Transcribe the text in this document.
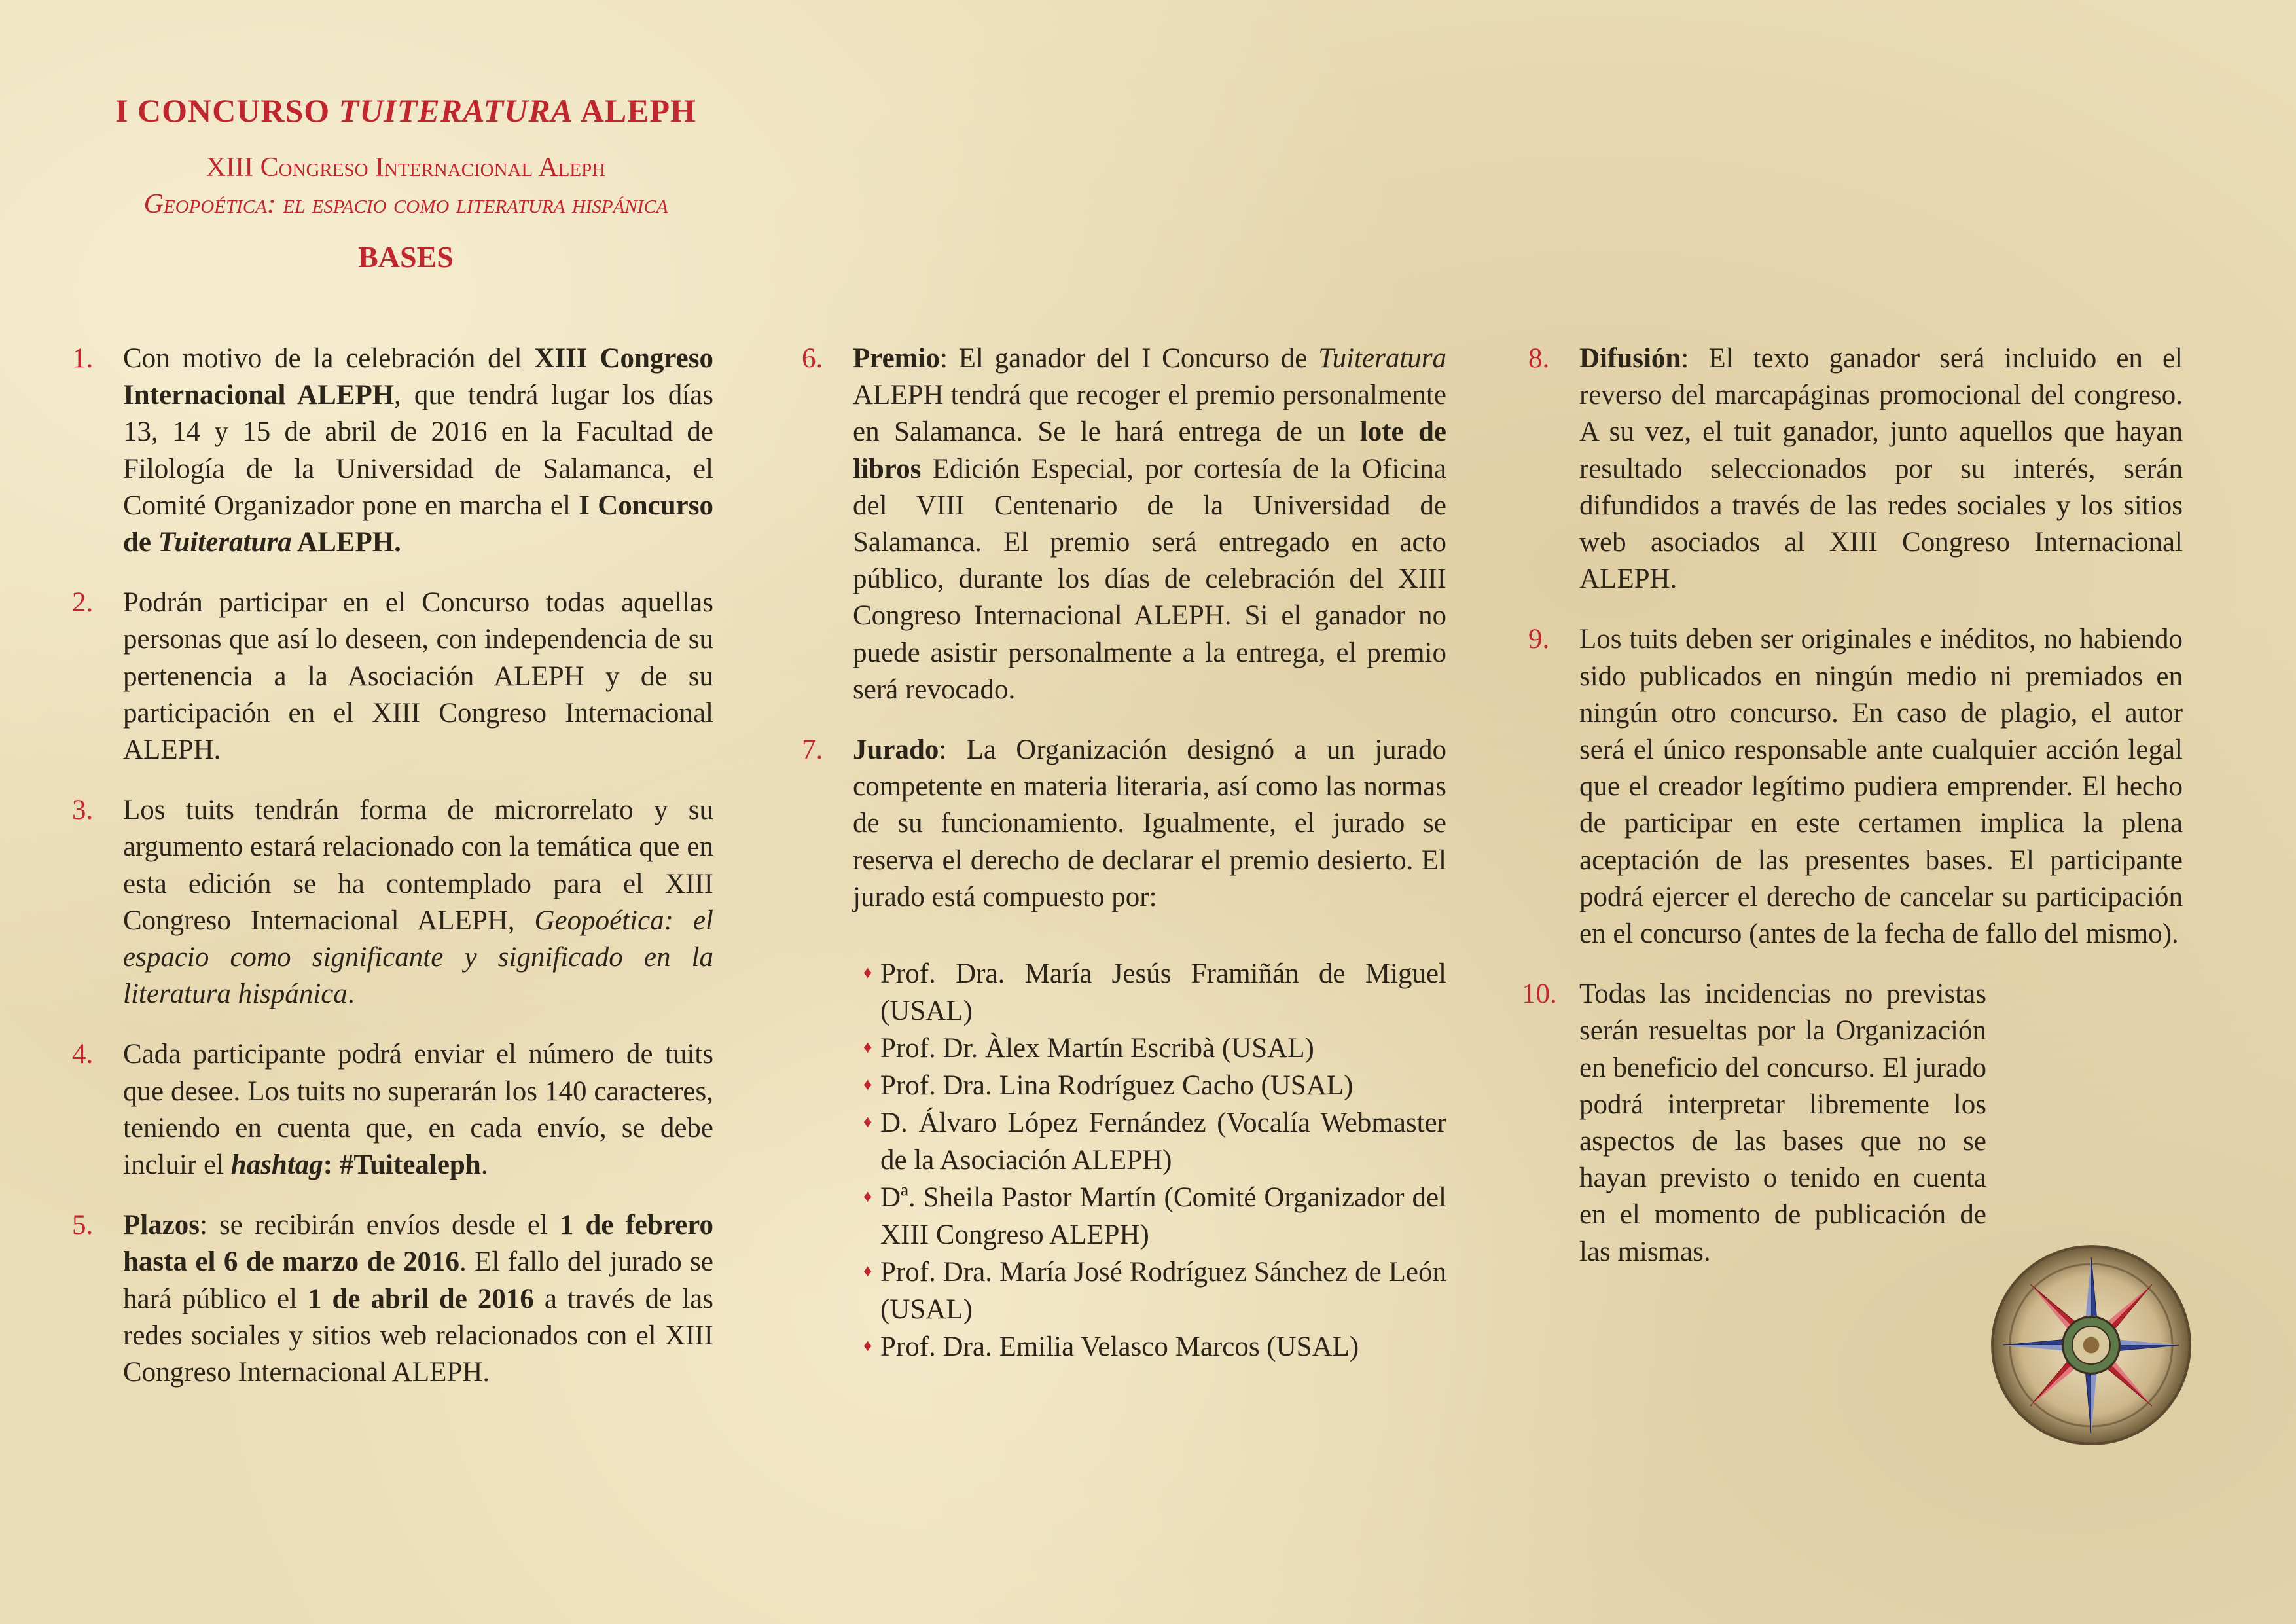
I CONCURSO TUITERATURA ALEPH
XIII Congreso Internacional Aleph
Geopoética: el espacio como literatura hispánica
BASES
1. Con motivo de la celebración del XIII Congreso Internacional ALEPH, que tendrá lugar los días 13, 14 y 15 de abril de 2016 en la Facultad de Filología de la Universidad de Salamanca, el Comité Organizador pone en marcha el I Concurso de Tuiteratura ALEPH.
2. Podrán participar en el Concurso todas aquellas personas que así lo deseen, con independencia de su pertenencia a la Asociación ALEPH y de su participación en el XIII Congreso Internacional ALEPH.
3. Los tuits tendrán forma de microrrelato y su argumento estará relacionado con la temática que en esta edición se ha contemplado para el XIII Congreso Internacional ALEPH, Geopoética: el espacio como significante y significado en la literatura hispánica.
4. Cada participante podrá enviar el número de tuits que desee. Los tuits no superarán los 140 caracteres, teniendo en cuenta que, en cada envío, se debe incluir el hashtag: #Tuitealeph.
5. Plazos: se recibirán envíos desde el 1 de febrero hasta el 6 de marzo de 2016. El fallo del jurado se hará público el 1 de abril de 2016 a través de las redes sociales y sitios web relacionados con el XIII Congreso Internacional ALEPH.
6. Premio: El ganador del I Concurso de Tuiteratura ALEPH tendrá que recoger el premio personalmente en Salamanca. Se le hará entrega de un lote de libros Edición Especial, por cortesía de la Oficina del VIII Centenario de la Universidad de Salamanca. El premio será entregado en acto público, durante los días de celebración del XIII Congreso Internacional ALEPH. Si el ganador no puede asistir personalmente a la entrega, el premio será revocado.
7. Jurado: La Organización designó a un jurado competente en materia literaria, así como las normas de su funcionamiento. Igualmente, el jurado se reserva el derecho de declarar el premio desierto. El jurado está compuesto por:
♦ Prof. Dra. María Jesús Framiñán de Miguel (USAL)
♦ Prof. Dr. Àlex Martín Escribà (USAL)
♦ Prof. Dra. Lina Rodríguez Cacho (USAL)
♦ D. Álvaro López Fernández (Vocalía Webmaster de la Asociación ALEPH)
♦ Dª. Sheila Pastor Martín (Comité Organizador del XIII Congreso ALEPH)
♦ Prof. Dra. María José Rodríguez Sánchez de León (USAL)
♦ Prof. Dra. Emilia Velasco Marcos (USAL)
8. Difusión: El texto ganador será incluido en el reverso del marcapáginas promocional del congreso. A su vez, el tuit ganador, junto aquellos que hayan resultado seleccionados por su interés, serán difundidos a través de las redes sociales y los sitios web asociados al XIII Congreso Internacional ALEPH.
9. Los tuits deben ser originales e inéditos, no habiendo sido publicados en ningún medio ni premiados en ningún otro concurso. En caso de plagio, el autor será el único responsable ante cualquier acción legal que el creador legítimo pudiera emprender. El hecho de participar en este certamen implica la plena aceptación de las presentes bases. El participante podrá ejercer el derecho de cancelar su participación en el concurso (antes de la fecha de fallo del mismo).
10. Todas las incidencias no previstas serán resueltas por la Organización en beneficio del concurso. El jurado podrá interpretar libremente los aspectos de las bases que no se hayan previsto o tenido en cuenta en el momento de publicación de las mismas.
